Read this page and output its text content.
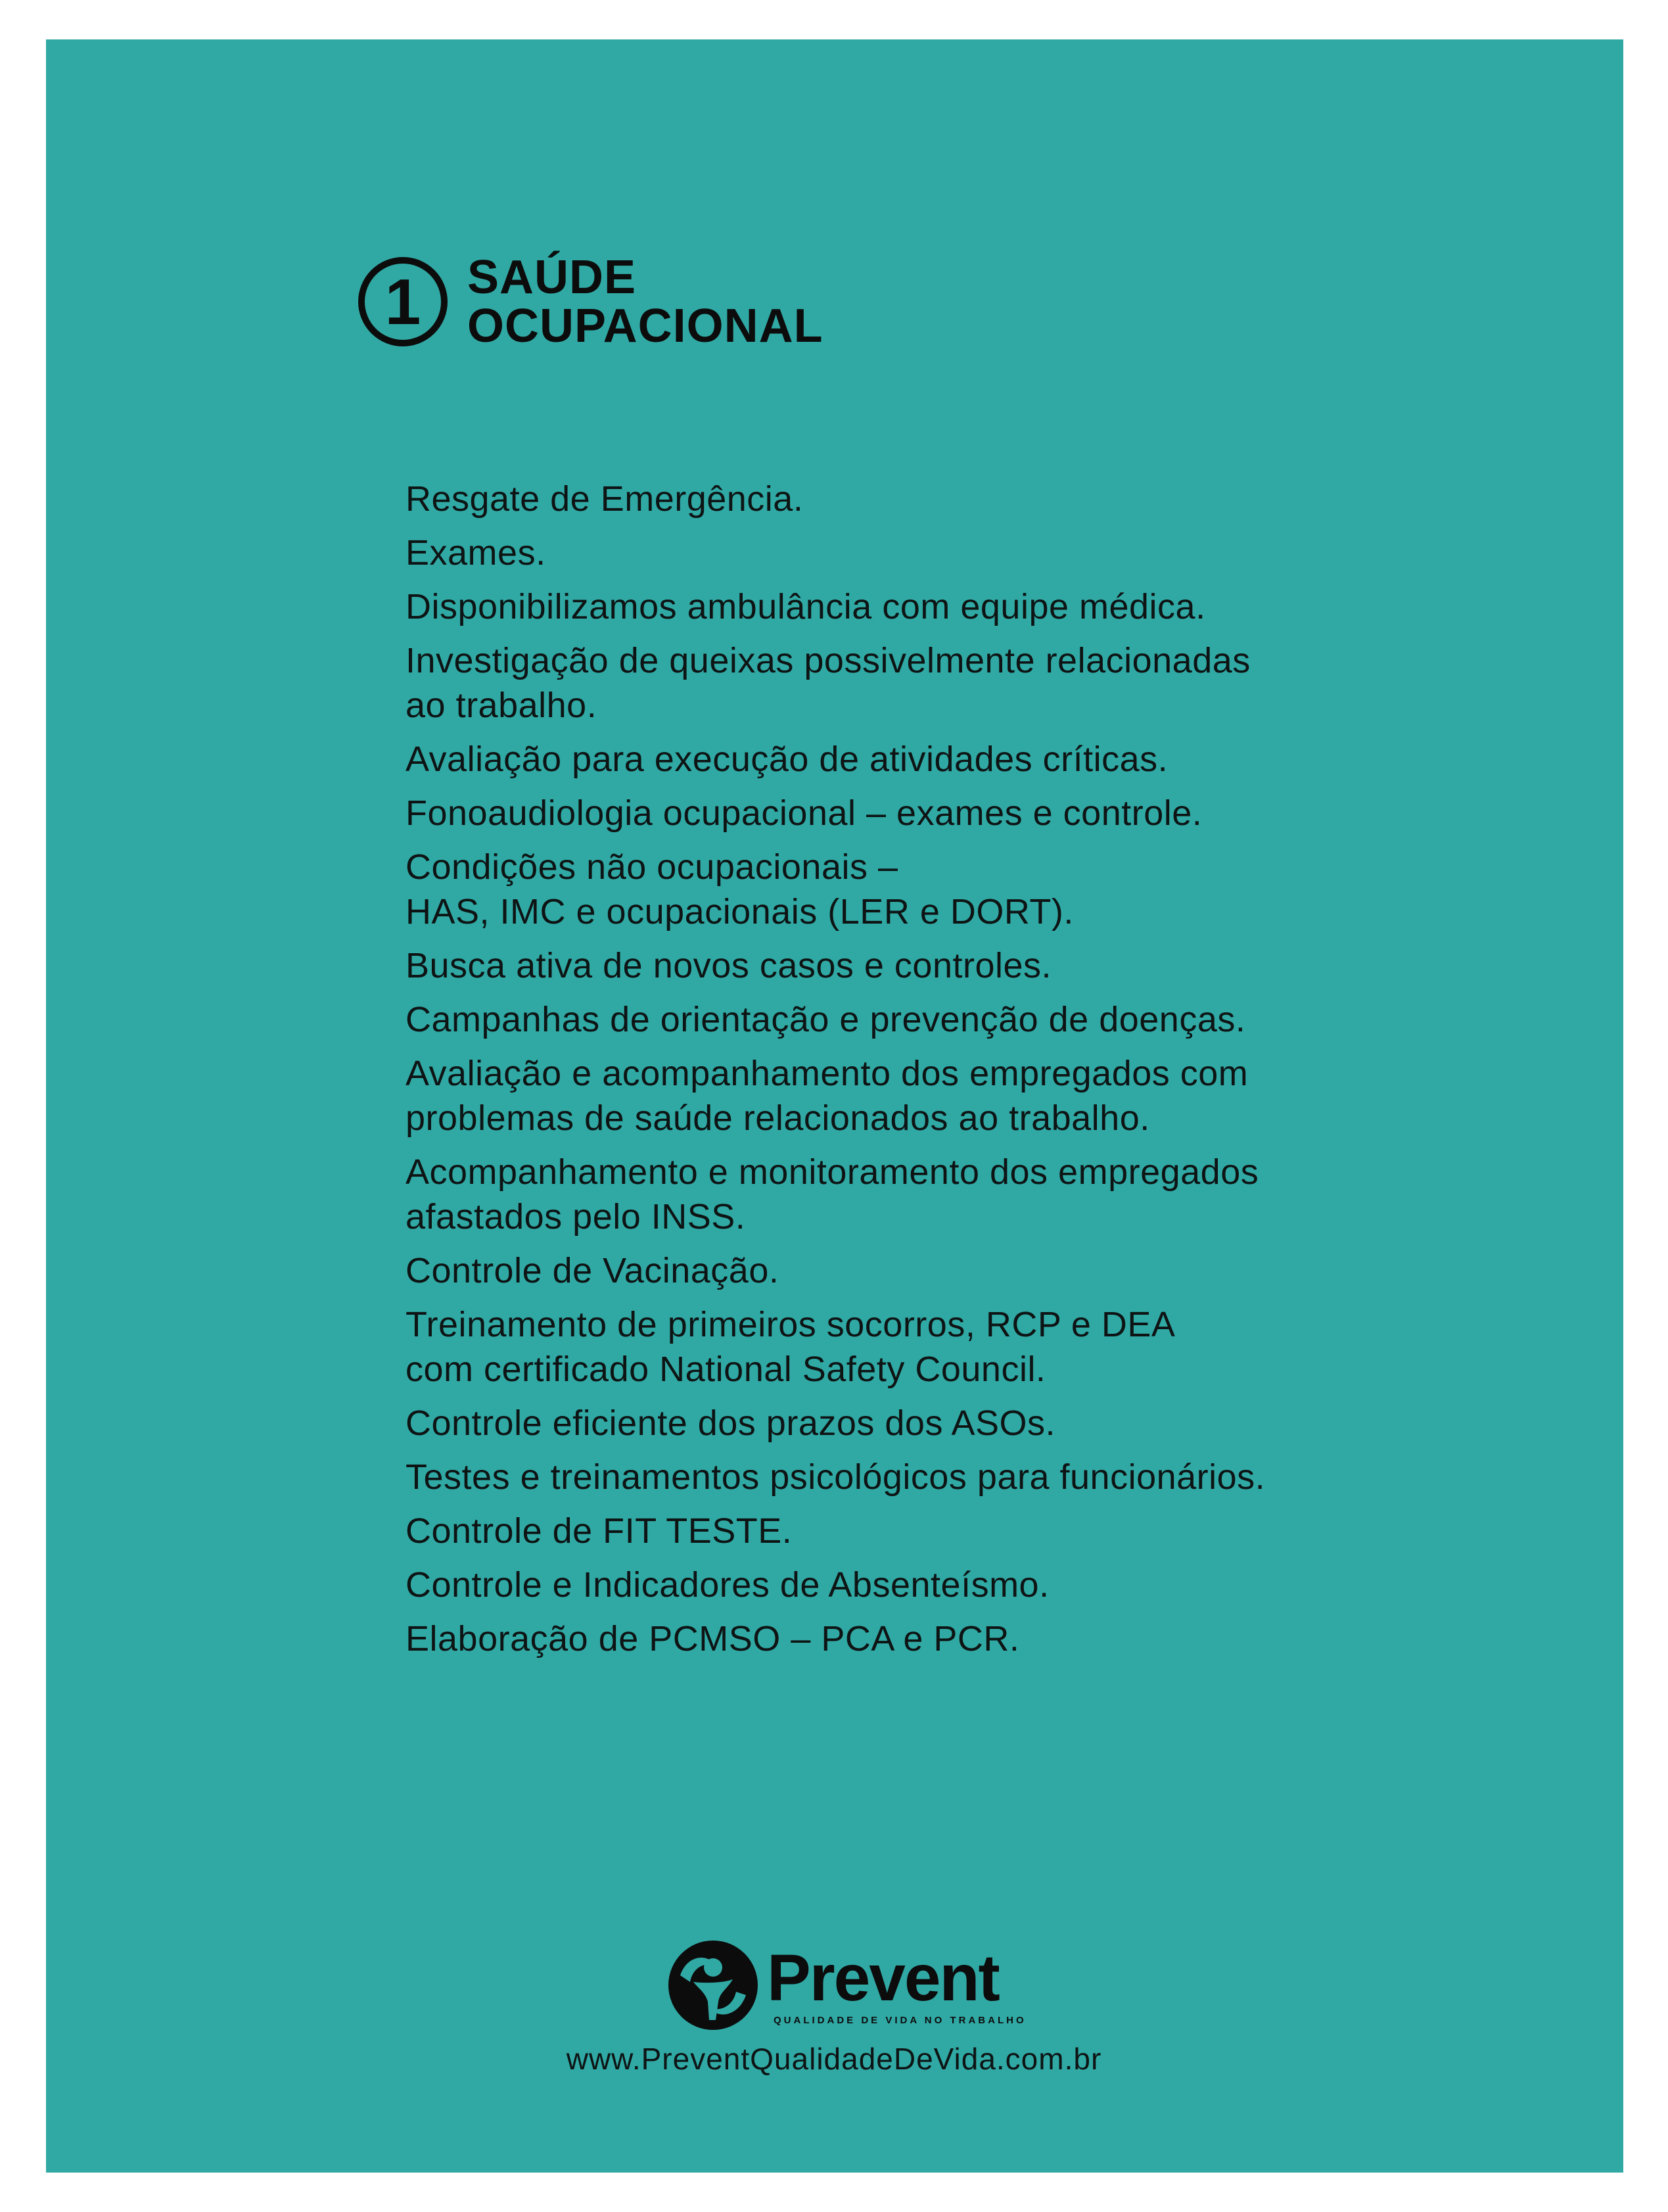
1 SAÚDE
OCUPACIONAL
Resgate de Emergência.
Exames.
Disponibilizamos ambulância com equipe médica.
Investigação de queixas possivelmente relacionadas
ao trabalho.
Avaliação para execução de atividades críticas.
Fonoaudiologia ocupacional – exames e controle.
Condições não ocupacionais –
HAS, IMC e ocupacionais (LER e DORT).
Busca ativa de novos casos e controles.
Campanhas de orientação e prevenção de doenças.
Avaliação e acompanhamento dos empregados com
problemas de saúde relacionados ao trabalho.
Acompanhamento e monitoramento dos empregados
afastados pelo INSS.
Controle de Vacinação.
Treinamento de primeiros socorros, RCP e DEA
com certificado National Safety Council.
Controle eficiente dos prazos dos ASOs.
Testes e treinamentos psicológicos para funcionários.
Controle de FIT TESTE.
Controle e Indicadores de Absenteísmo.
Elaboração de PCMSO – PCA e PCR.
Prevent
QUALIDADE DE VIDA NO TRABALHO
www.PreventQualidadeDeVida.com.br
